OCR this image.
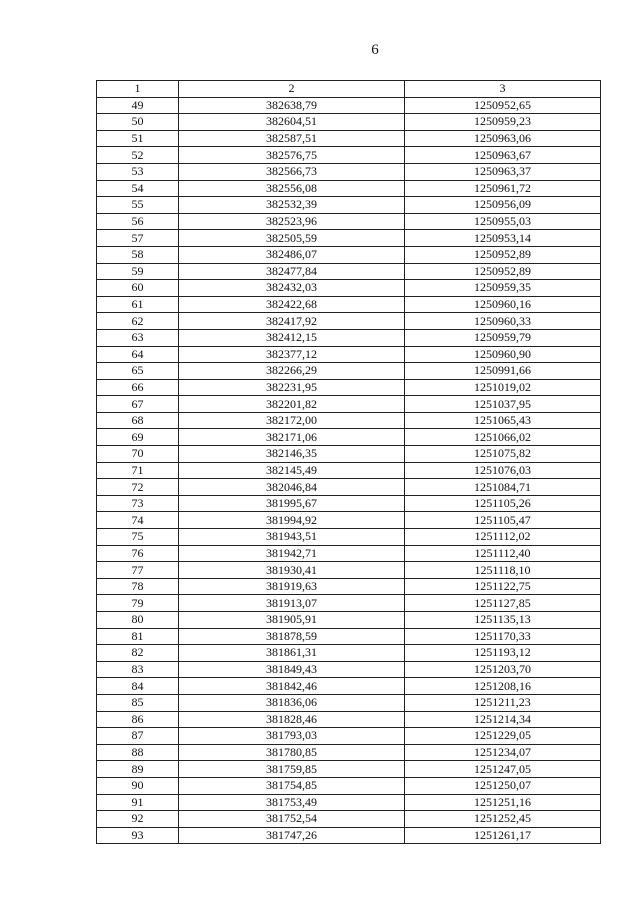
6
1	2	3
49	382638,79	1250952,65
50	382604,51	1250959,23
51	382587,51	1250963,06
52	382576,75	1250963,67
53	382566,73	1250963,37
54	382556,08	1250961,72
55	382532,39	1250956,09
56	382523,96	1250955,03
57	382505,59	1250953,14
58	382486,07	1250952,89
59	382477,84	1250952,89
60	382432,03	1250959,35
61	382422,68	1250960,16
62	382417,92	1250960,33
63	382412,15	1250959,79
64	382377,12	1250960,90
65	382266,29	1250991,66
66	382231,95	1251019,02
67	382201,82	1251037,95
68	382172,00	1251065,43
69	382171,06	1251066,02
70	382146,35	1251075,82
71	382145,49	1251076,03
72	382046,84	1251084,71
73	381995,67	1251105,26
74	381994,92	1251105,47
75	381943,51	1251112,02
76	381942,71	1251112,40
77	381930,41	1251118,10
78	381919,63	1251122,75
79	381913,07	1251127,85
80	381905,91	1251135,13
81	381878,59	1251170,33
82	381861,31	1251193,12
83	381849,43	1251203,70
84	381842,46	1251208,16
85	381836,06	1251211,23
86	381828,46	1251214,34
87	381793,03	1251229,05
88	381780,85	1251234,07
89	381759,85	1251247,05
90	381754,85	1251250,07
91	381753,49	1251251,16
92	381752,54	1251252,45
93	381747,26	1251261,17
